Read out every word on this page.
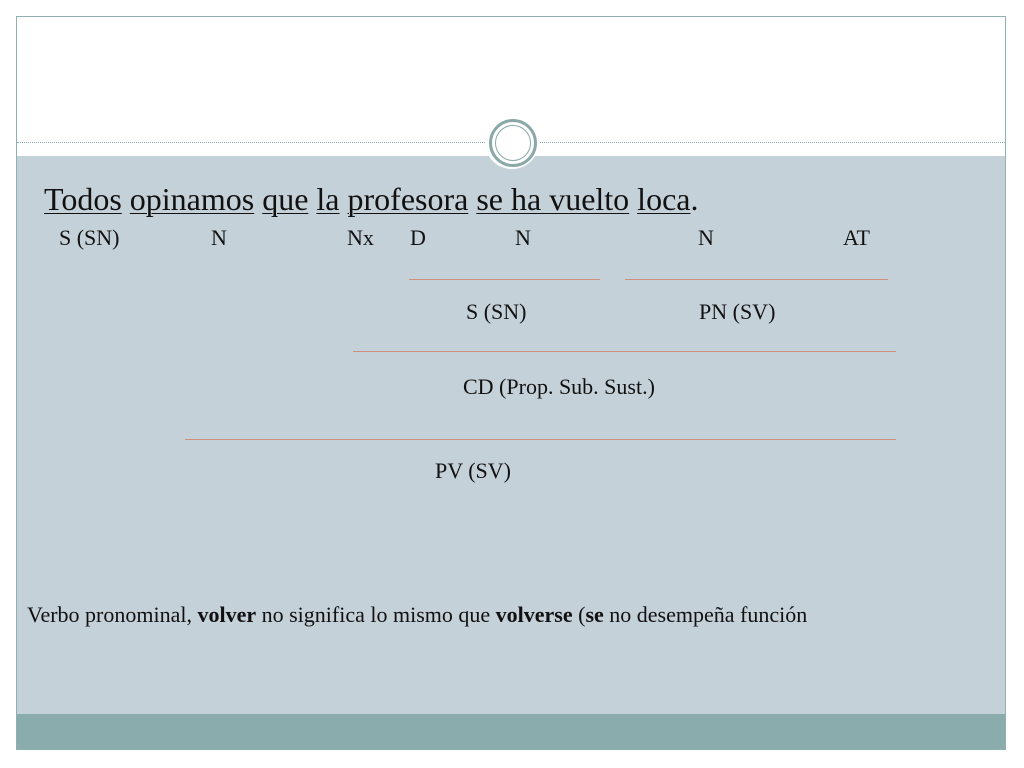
Todos opinamos que la profesora se ha vuelto loca.
S (SN)	N	Nx D	N	N	AT
S (SN)	PN (SV)
CD (Prop. Sub. Sust.)
PV (SV)
Verbo pronominal, volver no significa lo mismo que volverse (se no desempeña función
